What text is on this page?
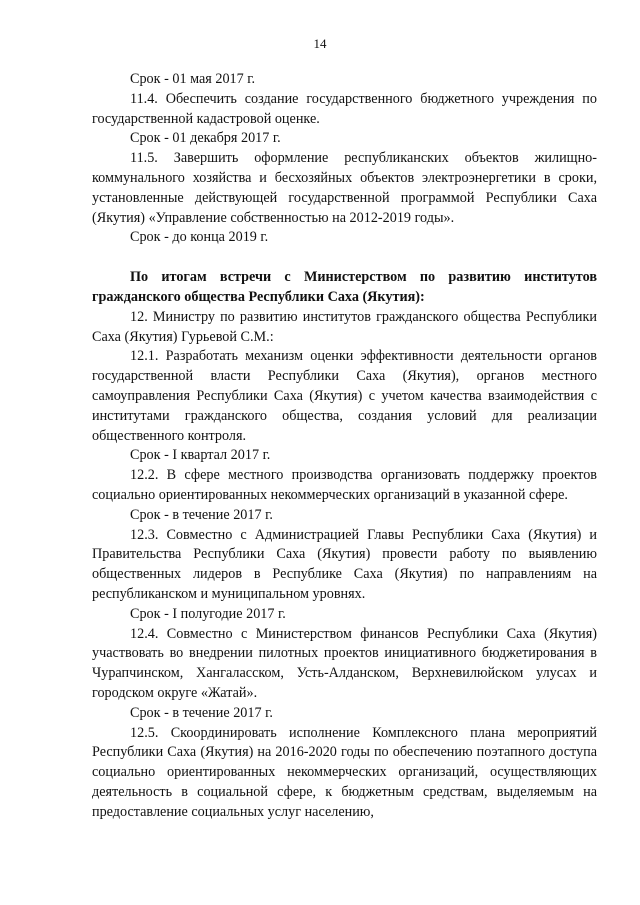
14

Срок - 01 мая 2017 г.

11.4. Обеспечить создание государственного бюджетного учреждения по государственной кадастровой оценке.

Срок - 01 декабря 2017 г.

11.5. Завершить оформление республиканских объектов жилищно-коммунального хозяйства и бесхозяйных объектов электроэнергетики в сроки, установленные действующей государственной программой Республики Саха (Якутия) «Управление собственностью на 2012-2019 годы».

Срок - до конца 2019 г.

По итогам встречи с Министерством по развитию институтов гражданского общества Республики Саха (Якутия):

12. Министру по развитию институтов гражданского общества Республики Саха (Якутия) Гурьевой С.М.:

12.1. Разработать механизм оценки эффективности деятельности органов государственной власти Республики Саха (Якутия), органов местного самоуправления Республики Саха (Якутия) с учетом качества взаимодействия с институтами гражданского общества, создания условий для реализации общественного контроля.

Срок - I квартал 2017 г.

12.2. В сфере местного производства организовать поддержку проектов социально ориентированных некоммерческих организаций в указанной сфере.

Срок - в течение 2017 г.

12.3. Совместно с Администрацией Главы Республики Саха (Якутия) и Правительства Республики Саха (Якутия) провести работу по выявлению общественных лидеров в Республике Саха (Якутия) по направлениям на республиканском и муниципальном уровнях.

Срок - I полугодие 2017 г.

12.4. Совместно с Министерством финансов Республики Саха (Якутия) участвовать во внедрении пилотных проектов инициативного бюджетирования в Чурапчинском, Хангаласском, Усть-Алданском, Верхневилюйском улусах и городском округе «Жатай».

Срок - в течение 2017 г.

12.5. Скоординировать исполнение Комплексного плана мероприятий Республики Саха (Якутия) на 2016-2020 годы по обеспечению поэтапного доступа социально ориентированных некоммерческих организаций, осуществляющих деятельность в социальной сфере, к бюджетным средствам, выделяемым на предоставление социальных услуг населению,
